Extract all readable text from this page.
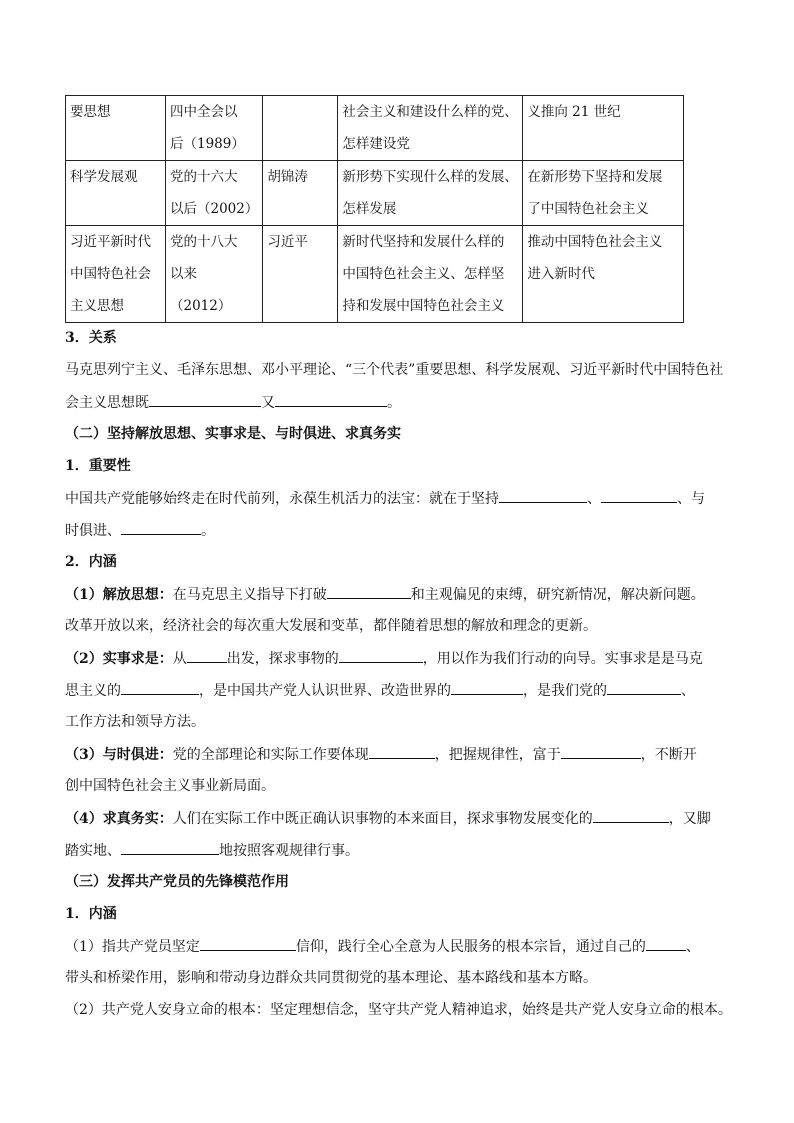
要思想	四中全会以
后（1989）		社会主义和建设什么样的党、
怎样建设党	义推向 21 世纪

科学发展观	党的十六大
以后（2002）	胡锦涛	新形势下实现什么样的发展、
怎样发展	在新形势下坚持和发展
了中国特色社会主义

习近平新时代
中国特色社会
主义思想	党的十八大
以来
（2012）	习近平	新时代坚持和发展什么样的
中国特色社会主义、怎样坚
持和发展中国特色社会主义	推动中国特色社会主义
进入新时代
3．关系
马克思列宁主义、毛泽东思想、邓小平理论、“三个代表”重要思想、科学发展观、习近平新时代中国特色社
会主义思想既	又	。
（二）坚持解放思想、实事求是、与时俱进、求真务实
1．重要性
中国共产党能够始终走在时代前列，永葆生机活力的法宝：就在于坚持	、	、与
时俱进、	。
2．内涵
（1）解放思想：在马克思主义指导下打破	和主观偏见的束缚，研究新情况，解决新问题。
改革开放以来，经济社会的每次重大发展和变革，都伴随着思想的解放和理念的更新。
（2）实事求是：从	出发，探求事物的	，用以作为我们行动的向导。实事求是是马克
思主义的	，是中国共产党人认识世界、改造世界的	，是我们党的	、
工作方法和领导方法。
（3）与时俱进：党的全部理论和实际工作要体现	，把握规律性，富于	，不断开
创中国特色社会主义事业新局面。
（4）求真务实：人们在实际工作中既正确认识事物的本来面目，探求事物发展变化的	，又脚
踏实地、	地按照客观规律行事。
（三）发挥共产党员的先锋模范作用
1．内涵
（1）指共产党员坚定	信仰，践行全心全意为人民服务的根本宗旨，通过自己的	、
带头和桥梁作用，影响和带动身边群众共同贯彻党的基本理论、基本路线和基本方略。
（2）共产党人安身立命的根本：坚定理想信念，坚守共产党人精神追求，始终是共产党人安身立命的根本。
